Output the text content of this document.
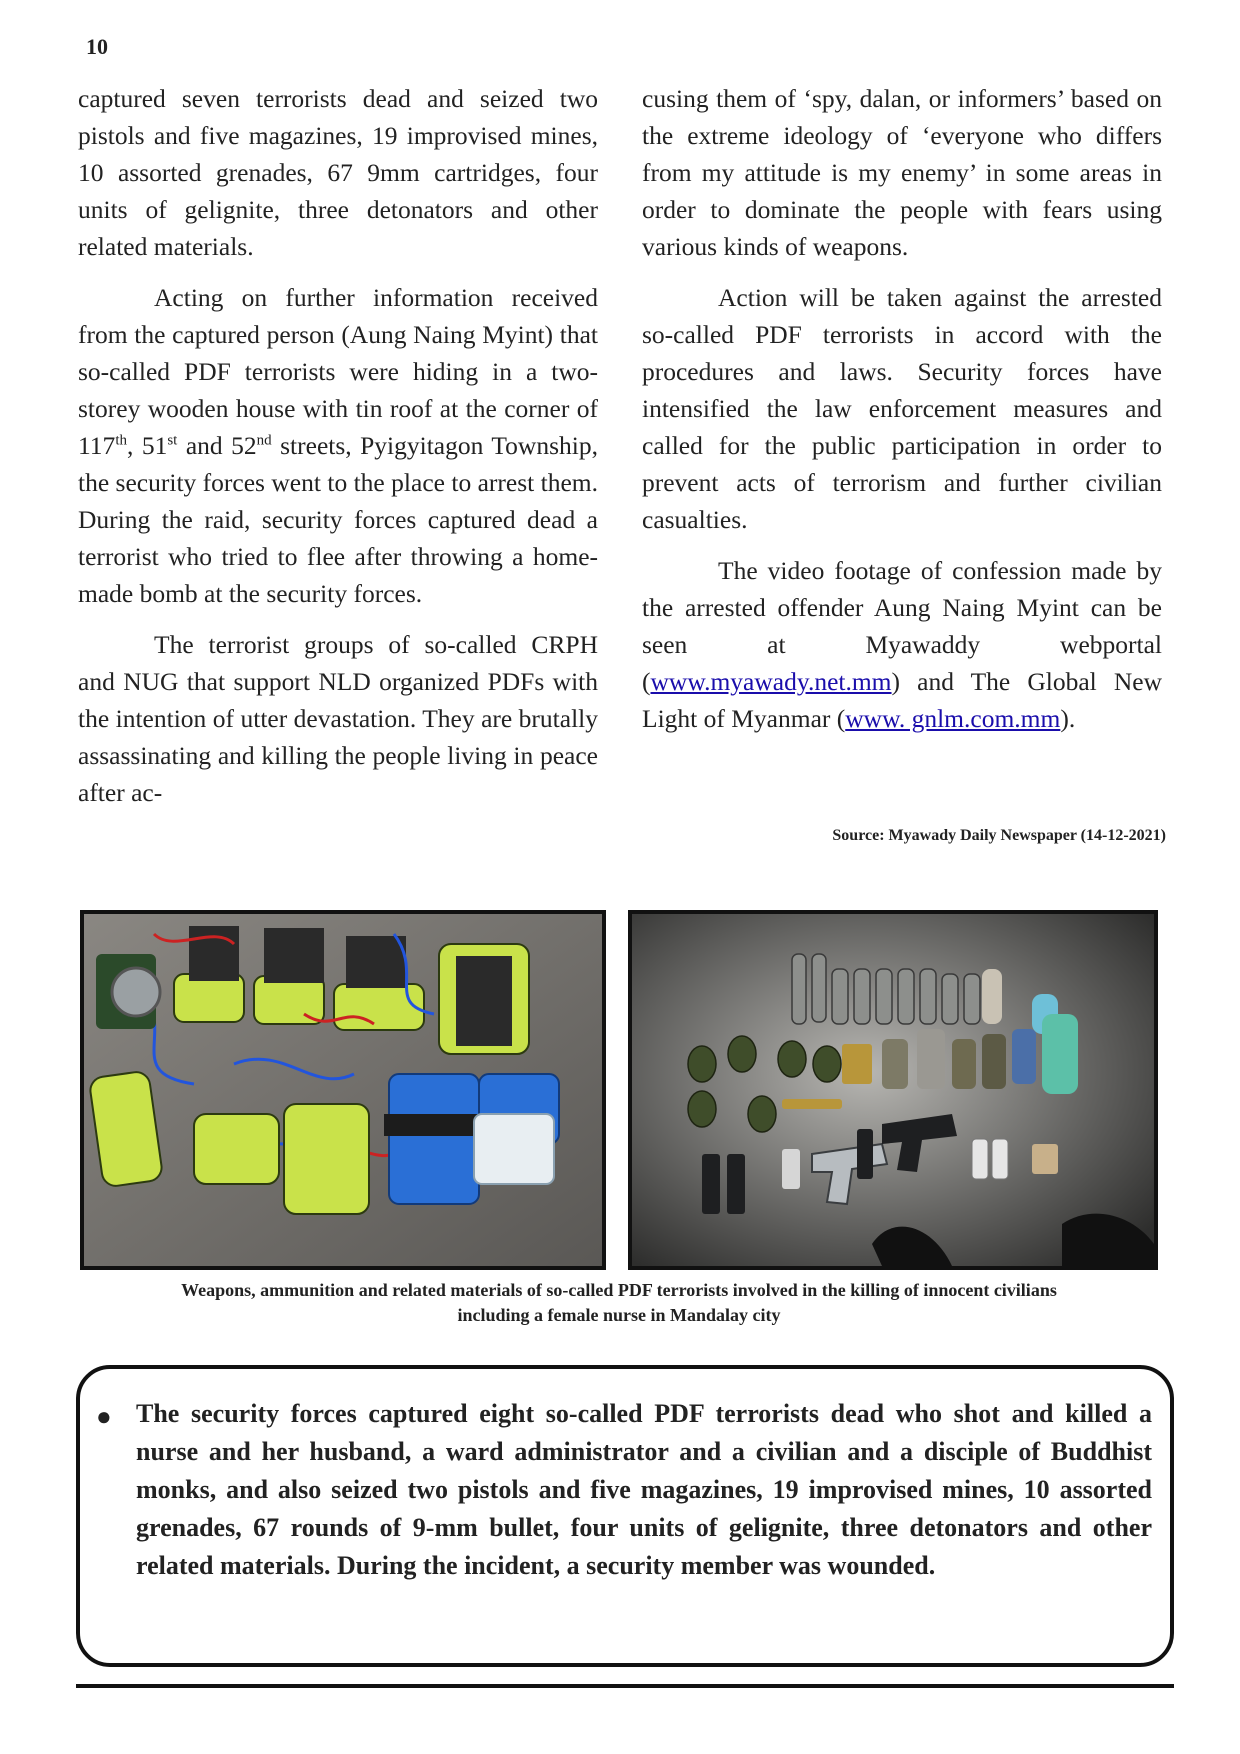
10

captured seven terrorists dead and seized two pistols and five magazines, 19 improvised mines, 10 assorted grenades, 67 9mm cartridges, four units of gelignite, three detonators and other related materials.

Acting on further information received from the captured person (Aung Naing Myint) that so-called PDF terrorists were hiding in a two-storey wooden house with tin roof at the corner of 117th, 51st and 52nd streets, Pyigyitagon Township, the security forces went to the place to arrest them. During the raid, security forces captured dead a terrorist who tried to flee after throwing a home-made bomb at the security forces.

The terrorist groups of so-called CRPH and NUG that support NLD organized PDFs with the intention of utter devastation. They are brutally assassinating and killing the people living in peace after ac-

cusing them of ‘spy, dalan, or informers’ based on the extreme ideology of ‘everyone who differs from my attitude is my enemy’ in some areas in order to dominate the people with fears using various kinds of weapons.

Action will be taken against the arrested so-called PDF terrorists in accord with the procedures and laws. Security forces have intensified the law enforcement measures and called for the public participation in order to prevent acts of terrorism and further civilian casualties.

The video footage of confession made by the arrested offender Aung Naing Myint can be seen at Myawaddy webportal (www.myawady.net.mm) and The Global New Light of Myanmar (www. gnlm.com.mm).

Source: Myawady Daily Newspaper (14-12-2021)
Weapons, ammunition and related materials of so-called PDF terrorists involved in the killing of innocent civilians
including a female nurse in Mandalay city
● The security forces captured eight so-called PDF terrorists dead who shot and killed a nurse and her husband, a ward administrator and a civilian and a disciple of Buddhist monks, and also seized two pistols and five magazines, 19 improvised mines, 10 assorted grenades, 67 rounds of 9-mm bullet, four units of gelignite, three detonators and other related materials. During the incident, a security member was wounded.
